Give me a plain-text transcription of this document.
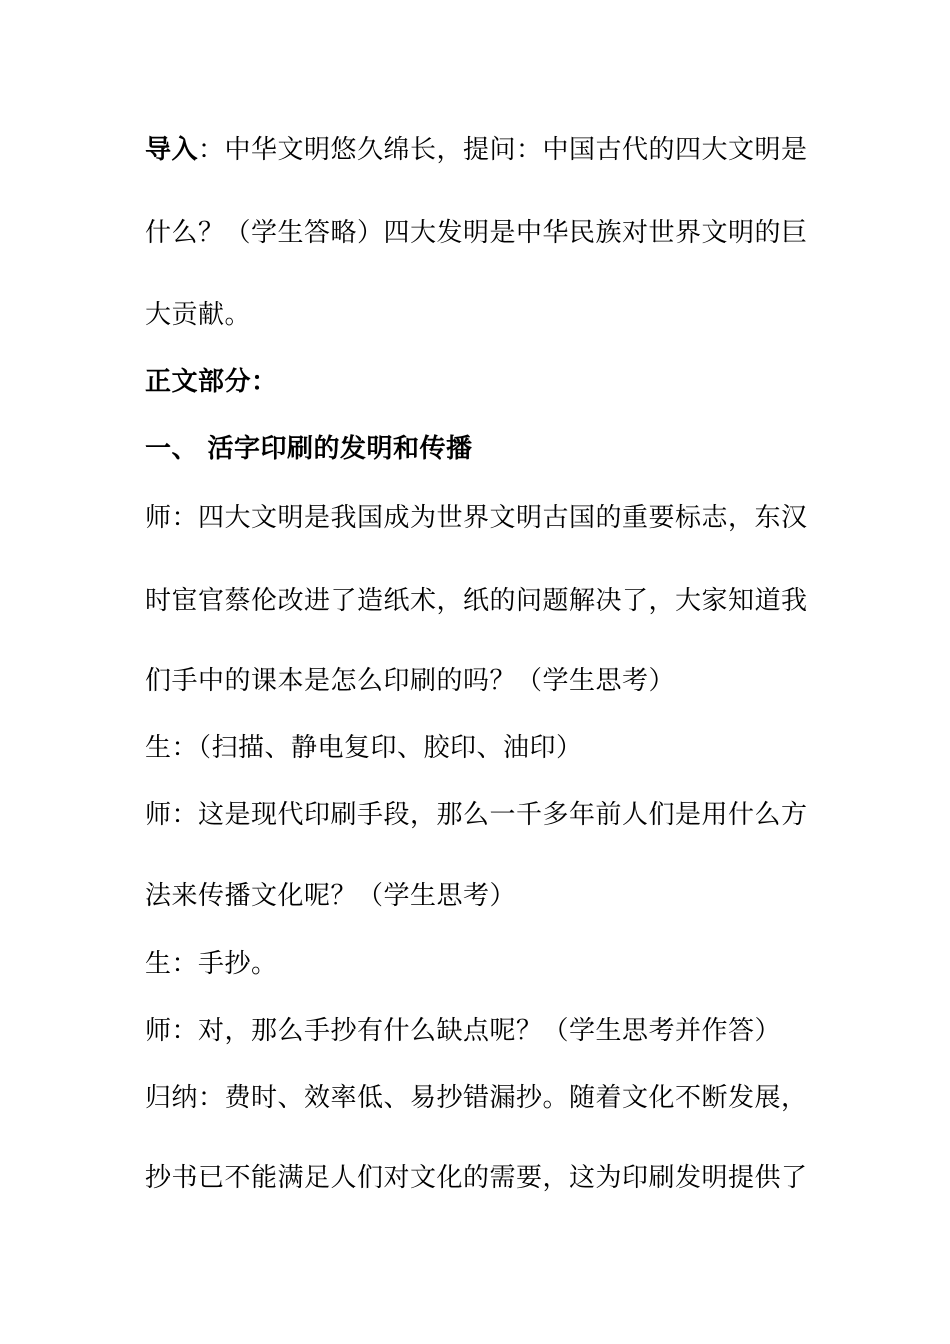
导入：中华文明悠久绵长，提问：中国古代的四大文明是
什么？（学生答略）四大发明是中华民族对世界文明的巨
大贡献。
正文部分：
一、 活字印刷的发明和传播
师：四大文明是我国成为世界文明古国的重要标志，东汉
时宦官蔡伦改进了造纸术，纸的问题解决了，大家知道我
们手中的课本是怎么印刷的吗？（学生思考）
生：（扫描、静电复印、胶印、油印）
师：这是现代印刷手段，那么一千多年前人们是用什么方
法来传播文化呢？（学生思考）
生：手抄。
师：对，那么手抄有什么缺点呢？（学生思考并作答）
归纳：费时、效率低、易抄错漏抄。随着文化不断发展，
抄书已不能满足人们对文化的需要，这为印刷发明提供了
